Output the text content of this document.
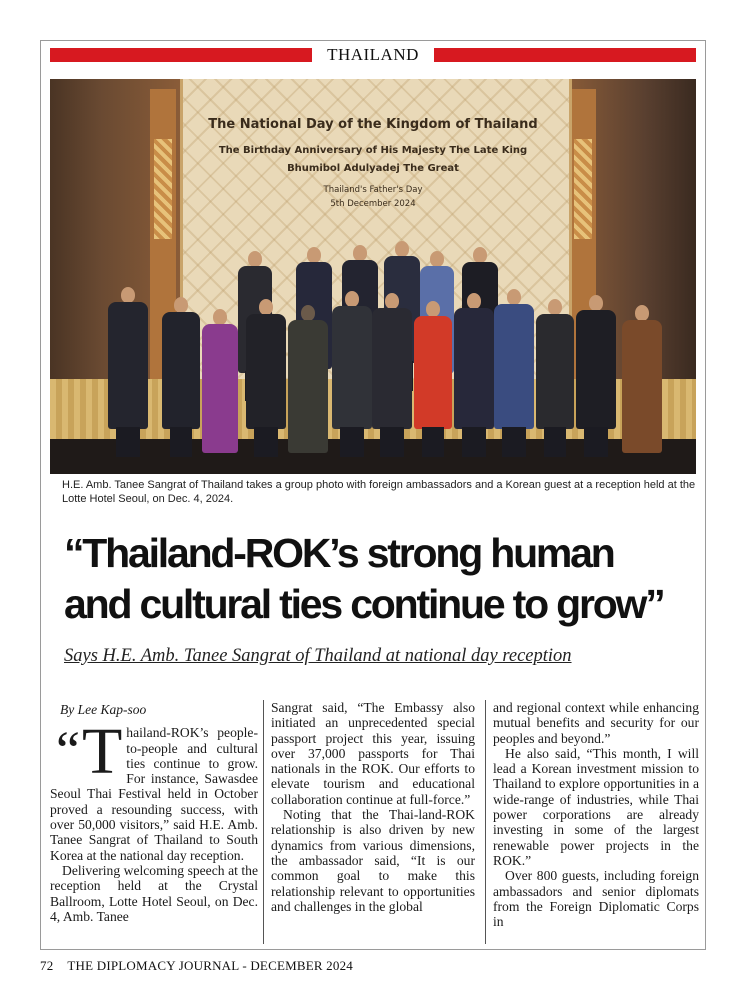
THAILAND
The National Day of the Kingdom of Thailand
The Birthday Anniversary of His Majesty The Late King
Bhumibol Adulyadej The Great
Thailand's Father's Day
5th December 2024
H.E. Amb. Tanee Sangrat of Thailand takes a group photo with foreign ambassadors and a Korean guest at a reception held at the Lotte Hotel Seoul, on Dec. 4, 2024.
“Thailand-ROK’s strong human
and cultural ties continue to grow”
Says H.E. Amb. Tanee Sangrat of Thailand at national day reception
By Lee Kap-soo
“ T hailand-ROK’s people-to-people and cultural ties continue to grow. For instance, Sawasdee Seoul Thai Festival held in October proved a resounding success, with over 50,000 visitors,” said H.E. Amb. Tanee Sangrat of Thailand to South Korea at the national day reception.

Delivering welcoming speech at the reception held at the Crystal Ballroom, Lotte Hotel Seoul, on Dec. 4, Amb. Tanee

Sangrat said, “The Embassy also initiated an unprecedented special passport project this year, issuing over 37,000 passports for Thai nationals in the ROK. Our efforts to elevate tourism and educational collaboration continue at full-force.”

Noting that the Thai-land-ROK relationship is also driven by new dynamics from various dimensions, the ambassador said, “It is our common goal to make this relationship relevant to opportunities and challenges in the global

and regional context while enhancing mutual benefits and security for our peoples and beyond.”

He also said, “This month, I will lead a Korean investment mission to Thailand to explore opportunities in a wide-range of industries, while Thai power corporations are already investing in some of the largest renewable power projects in the ROK.”

Over 800 guests, including foreign ambassadors and senior diplomats from the Foreign Diplomatic Corps in

72 THE DIPLOMACY JOURNAL - DECEMBER 2024
